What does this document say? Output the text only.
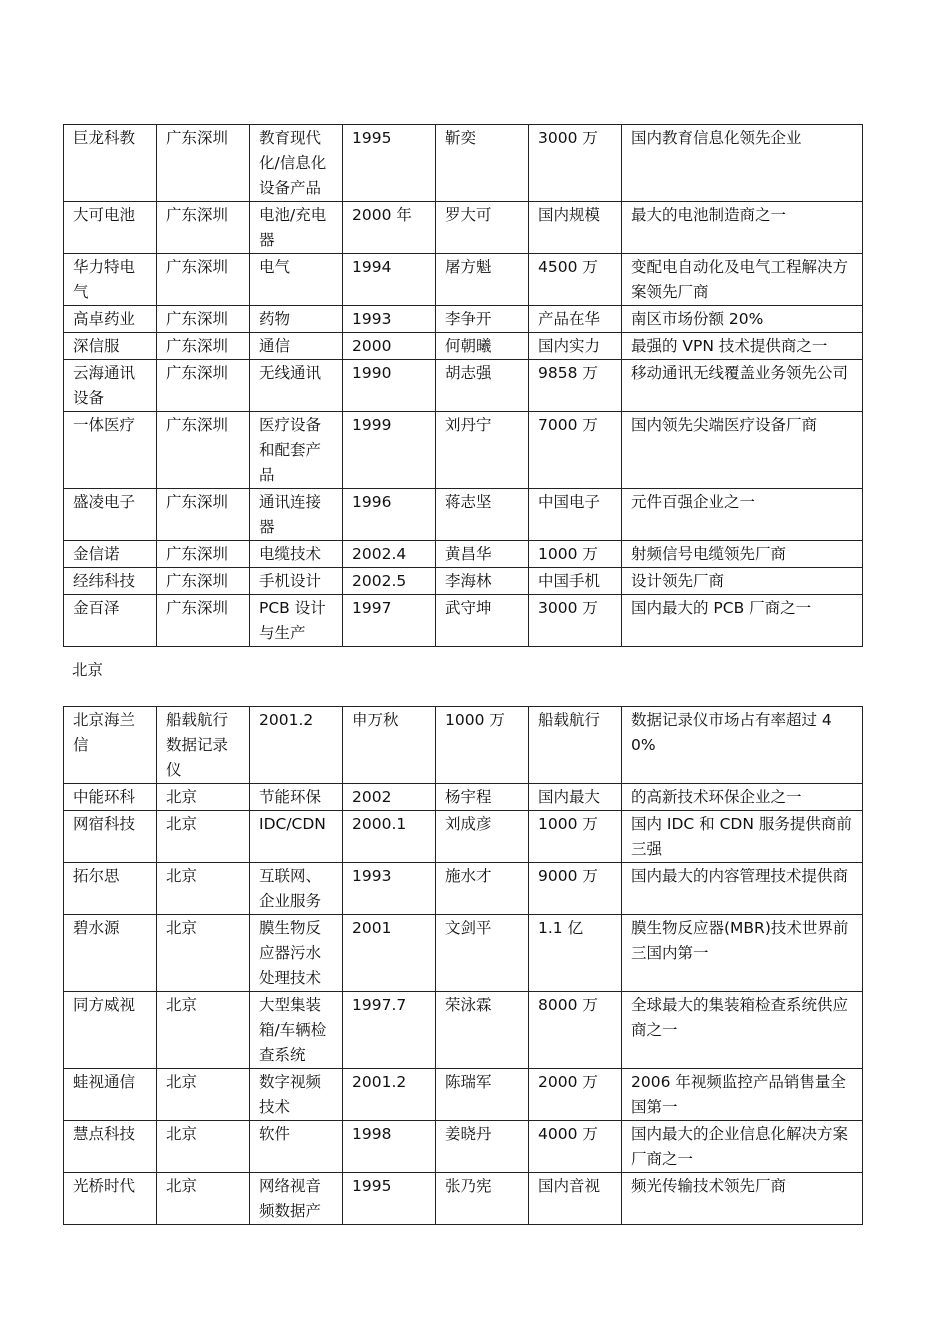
巨龙科教	广东深圳	教育现代化/信息化设备产品	1995	靳奕	3000 万	国内教育信息化领先企业
大可电池	广东深圳	电池/充电器	2000 年	罗大可	国内规模	最大的电池制造商之一
华力特电气	广东深圳	电气	1994	屠方魁	4500 万	变配电自动化及电气工程解决方案领先厂商
高卓药业	广东深圳	药物	1993	李争开	产品在华	南区市场份额 20%
深信服	广东深圳	通信	2000	何朝曦	国内实力	最强的 VPN 技术提供商之一
云海通讯设备	广东深圳	无线通讯	1990	胡志强	9858 万	移动通讯无线覆盖业务领先公司
一体医疗	广东深圳	医疗设备和配套产品	1999	刘丹宁	7000 万	国内领先尖端医疗设备厂商
盛凌电子	广东深圳	通讯连接器	1996	蒋志坚	中国电子	元件百强企业之一
金信诺	广东深圳	电缆技术	2002.4	黄昌华	1000 万	射频信号电缆领先厂商
经纬科技	广东深圳	手机设计	2002.5	李海林	中国手机	设计领先厂商
金百泽	广东深圳	PCB 设计与生产	1997	武守坤	3000 万	国内最大的 PCB 厂商之一
北京
北京海兰信	船载航行数据记录仪	2001.2	申万秋	1000 万	船载航行	数据记录仪市场占有率超过 40%
中能环科	北京	节能环保	2002	杨宇程	国内最大	的高新技术环保企业之一
网宿科技	北京	IDC/CDN	2000.1	刘成彦	1000 万	国内 IDC 和 CDN 服务提供商前三强
拓尔思	北京	互联网、企业服务	1993	施水才	9000 万	国内最大的内容管理技术提供商
碧水源	北京	膜生物反应器污水处理技术	2001	文剑平	1.1 亿	膜生物反应器(MBR)技术世界前三国内第一
同方威视	北京	大型集装箱/车辆检查系统	1997.7	荣泳霖	8000 万	全球最大的集装箱检查系统供应商之一
蛙视通信	北京	数字视频技术	2001.2	陈瑞军	2000 万	2006 年视频监控产品销售量全国第一
慧点科技	北京	软件	1998	姜晓丹	4000 万	国内最大的企业信息化解决方案厂商之一
光桥时代	北京	网络视音频数据产	1995	张乃宪	国内音视	频光传输技术领先厂商
